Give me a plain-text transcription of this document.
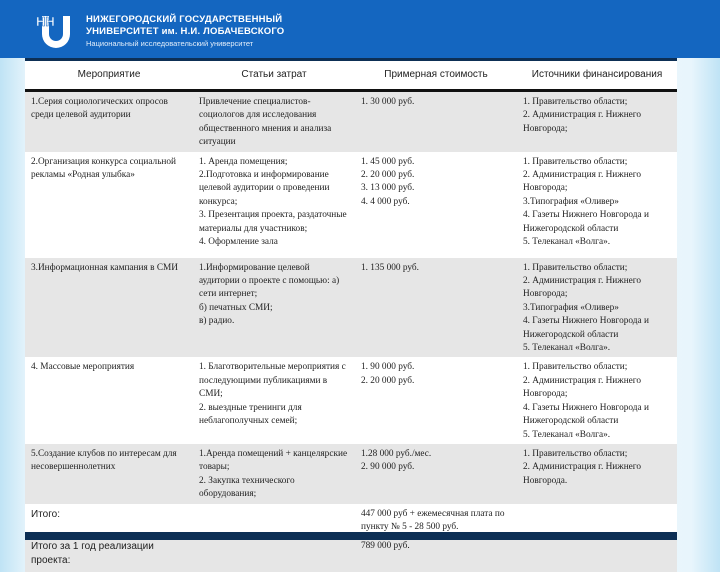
НН	НИЖЕГОРОДСКИЙ ГОСУДАРСТВЕННЫЙ
УНИВЕРСИТЕТ им. Н.И. ЛОБАЧЕВСКОГО
Национальный исследовательский университет
Мероприятие	Статьи затрат	Примерная стоимость	Источники финансирования
1.Серия социологических опросов среди целевой аудитории	Привлечение специалистов-социологов для исследования общественного мнения и анализа ситуации	1. 30 000 руб.	1. Правительство области;
2. Администрация г. Нижнего Новгорода;

2.Организация конкурса социальной рекламы «Родная улыбка»	1. Аренда помещения;
2.Подготовка и информирование целевой аудитории о проведении конкурса;
3. Презентация проекта, раздаточные материалы для участников;
4. Оформление зала	1. 45 000 руб.
2. 20 000 руб.
3. 13 000 руб.
4. 4 000 руб.	1. Правительство области;
2. Администрация г. Нижнего Новгорода;
3.Типография «Оливер»
4. Газеты Нижнего Новгорода и Нижегородской области
5. Телеканал «Волга».

3.Информационная кампания в СМИ	1.Информирование целевой аудитории о проекте с помощью: а) сети интернет;
б) печатных СМИ;
в) радио.	1. 135 000 руб.	1. Правительство области;
2. Администрация г. Нижнего Новгорода;
3.Типография «Оливер»
4. Газеты Нижнего Новгорода и Нижегородской области
5. Телеканал «Волга».

4. Массовые мероприятия	1. Благотворительные мероприятия с последующими публикациями в СМИ;
2. выездные тренинги для неблагополучных семей;	1. 90 000 руб.
2. 20 000 руб.	1. Правительство области;
2. Администрация г. Нижнего Новгорода;
4. Газеты Нижнего Новгорода и Нижегородской области
5. Телеканал «Волга».

5.Создание клубов по интересам для несовершеннолетних	1.Аренда помещений + канцелярские товары;
2. Закупка технического оборудования;	1.28 000 руб./мес.
2. 90 000 руб.	1. Правительство области;
2. Администрация г. Нижнего Новгорода.

Итого:		447 000 руб + ежемесячная плата по пункту № 5 - 28 500 руб.	
Итого за 1 год реализации проекта:		789 000 руб.	
